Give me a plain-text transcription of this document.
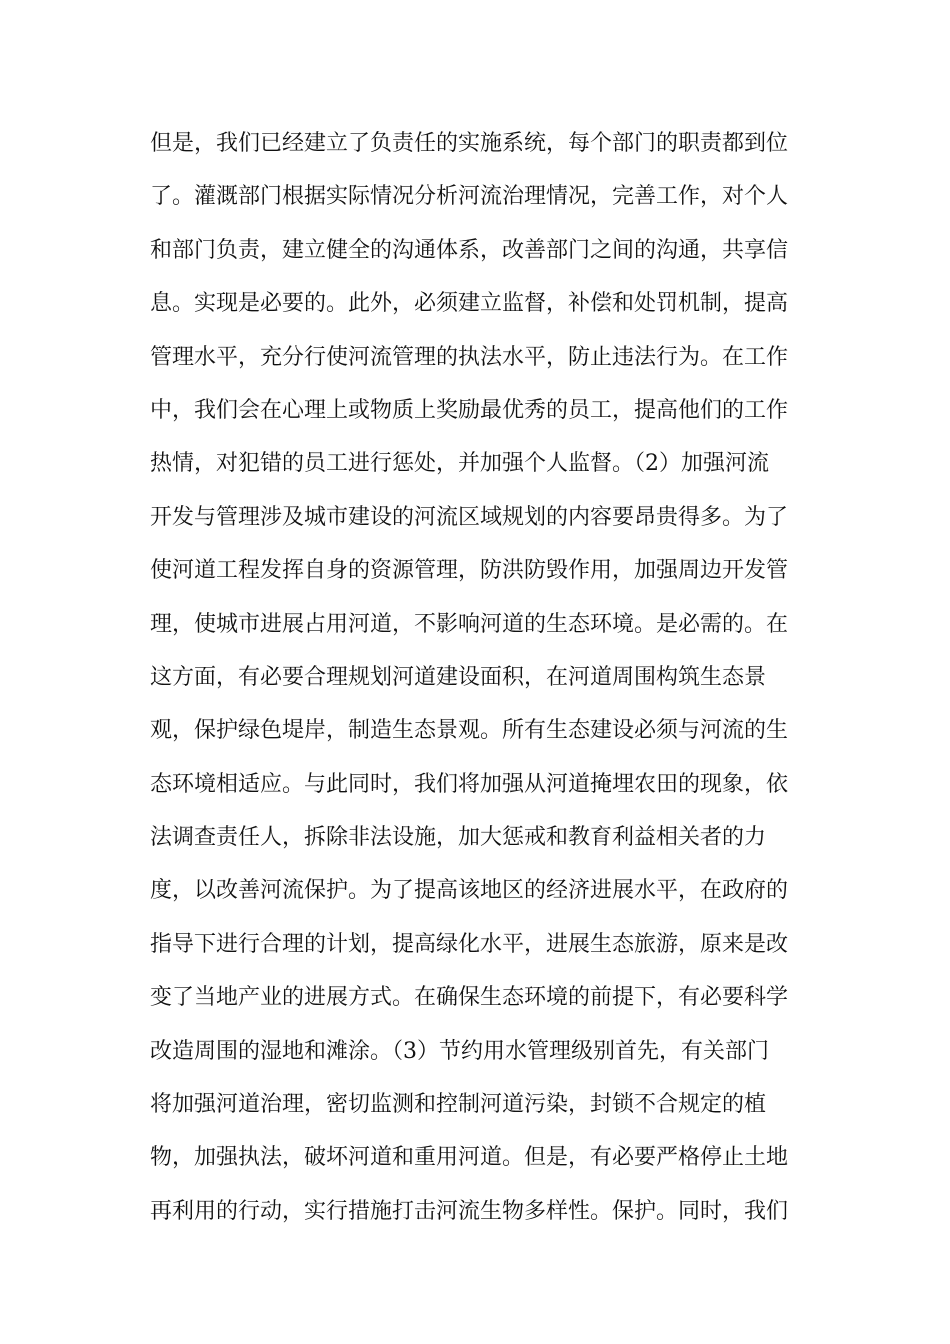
但是，我们已经建立了负责任的实施系统，每个部门的职责都到位
了。灌溉部门根据实际情况分析河流治理情况，完善工作，对个人
和部门负责，建立健全的沟通体系，改善部门之间的沟通，共享信
息。实现是必要的。此外，必须建立监督，补偿和处罚机制，提高
管理水平，充分行使河流管理的执法水平，防止违法行为。在工作
中，我们会在心理上或物质上奖励最优秀的员工，提高他们的工作
热情，对犯错的员工进行惩处，并加强个人监督。（2）加强河流
开发与管理涉及城市建设的河流区域规划的内容要昂贵得多。为了
使河道工程发挥自身的资源管理，防洪防毁作用，加强周边开发管
理，使城市进展占用河道，不影响河道的生态环境。是必需的。在
这方面，有必要合理规划河道建设面积，在河道周围构筑生态景
观，保护绿色堤岸，制造生态景观。所有生态建设必须与河流的生
态环境相适应。与此同时，我们将加强从河道掩埋农田的现象，依
法调查责任人，拆除非法设施，加大惩戒和教育利益相关者的力
度，以改善河流保护。为了提高该地区的经济进展水平，在政府的
指导下进行合理的计划，提高绿化水平，进展生态旅游，原来是改
变了当地产业的进展方式。在确保生态环境的前提下，有必要科学
改造周围的湿地和滩涂。（3）节约用水管理级别首先，有关部门
将加强河道治理，密切监测和控制河道污染，封锁不合规定的植
物，加强执法，破坏河道和重用河道。但是，有必要严格停止土地
再利用的行动，实行措施打击河流生物多样性。保护。同时，我们
